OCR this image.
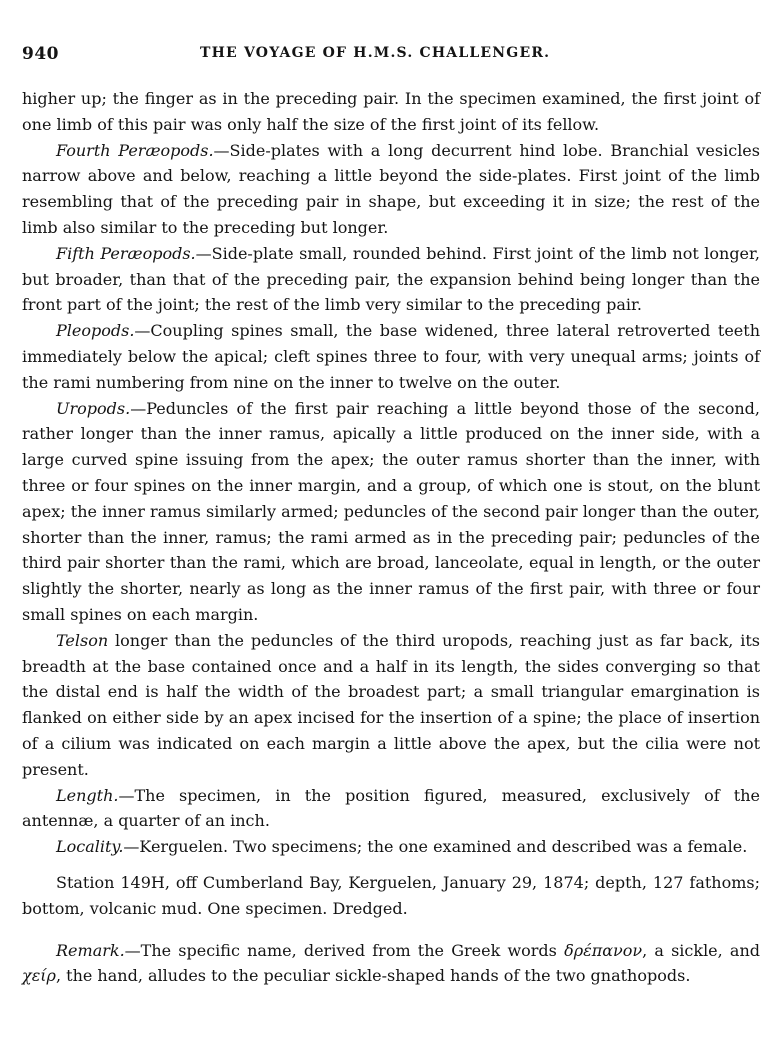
940	THE VOYAGE OF H.M.S. CHALLENGER.

higher up; the finger as in the preceding pair. In the specimen examined, the first joint of one limb of this pair was only half the size of the first joint of its fellow.

Fourth Peræopods.—Side-plates with a long decurrent hind lobe. Branchial vesicles narrow above and below, reaching a little beyond the side-plates. First joint of the limb resembling that of the preceding pair in shape, but exceeding it in size; the rest of the limb also similar to the preceding but longer.

Fifth Peræopods.—Side-plate small, rounded behind. First joint of the limb not longer, but broader, than that of the preceding pair, the expansion behind being longer than the front part of the joint; the rest of the limb very similar to the preceding pair.

Pleopods.—Coupling spines small, the base widened, three lateral retroverted teeth immediately below the apical; cleft spines three to four, with very unequal arms; joints of the rami numbering from nine on the inner to twelve on the outer.

Uropods.—Peduncles of the first pair reaching a little beyond those of the second, rather longer than the inner ramus, apically a little produced on the inner side, with a large curved spine issuing from the apex; the outer ramus shorter than the inner, with three or four spines on the inner margin, and a group, of which one is stout, on the blunt apex; the inner ramus similarly armed; peduncles of the second pair longer than the outer, shorter than the inner, ramus; the rami armed as in the preceding pair; peduncles of the third pair shorter than the rami, which are broad, lanceolate, equal in length, or the outer slightly the shorter, nearly as long as the inner ramus of the first pair, with three or four small spines on each margin.

Telson longer than the peduncles of the third uropods, reaching just as far back, its breadth at the base contained once and a half in its length, the sides converging so that the distal end is half the width of the broadest part; a small triangular emargination is flanked on either side by an apex incised for the insertion of a spine; the place of insertion of a cilium was indicated on each margin a little above the apex, but the cilia were not present.

Length.—The specimen, in the position figured, measured, exclusively of the antennæ, a quarter of an inch.

Locality.—Kerguelen. Two specimens; the one examined and described was a female.

Station 149H, off Cumberland Bay, Kerguelen, January 29, 1874; depth, 127 fathoms; bottom, volcanic mud. One specimen. Dredged.

Remark.—The specific name, derived from the Greek words δρέπανον, a sickle, and χείρ, the hand, alludes to the peculiar sickle-shaped hands of the two gnathopods.
